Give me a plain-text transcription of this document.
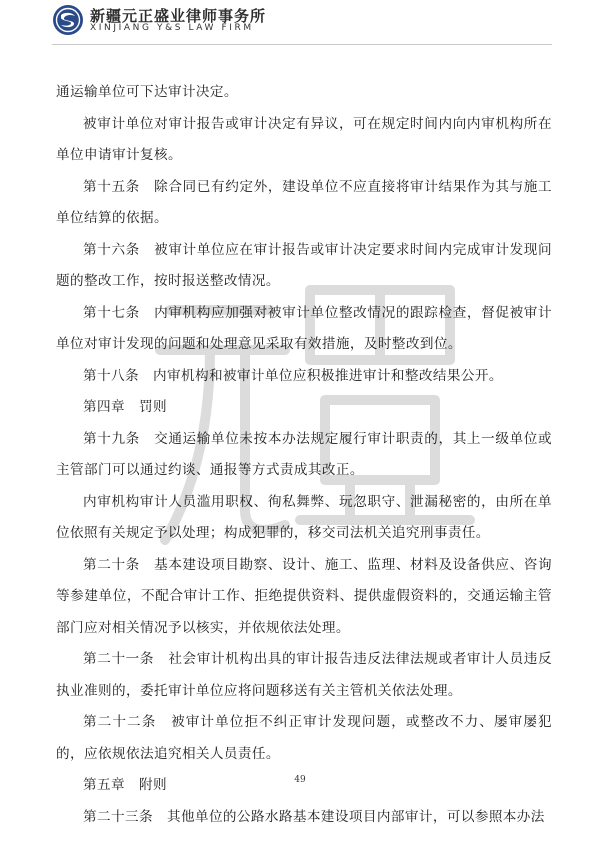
新疆元正盛业律师事务所
XINJIANG Y&S LAW FIRM

通运输单位可下达审计决定。

被审计单位对审计报告或审计决定有异议，可在规定时间内向内审机构所在单位申请审计复核。

第十五条　除合同已有约定外，建设单位不应直接将审计结果作为其与施工单位结算的依据。

第十六条　被审计单位应在审计报告或审计决定要求时间内完成审计发现问题的整改工作，按时报送整改情况。

第十七条　内审机构应加强对被审计单位整改情况的跟踪检查，督促被审计单位对审计发现的问题和处理意见采取有效措施，及时整改到位。

第十八条　内审机构和被审计单位应积极推进审计和整改结果公开。

第四章　罚则

第十九条　交通运输单位未按本办法规定履行审计职责的，其上一级单位或主管部门可以通过约谈、通报等方式责成其改正。

内审机构审计人员滥用职权、徇私舞弊、玩忽职守、泄漏秘密的，由所在单位依照有关规定予以处理；构成犯罪的，移交司法机关追究刑事责任。

第二十条　基本建设项目勘察、设计、施工、监理、材料及设备供应、咨询等参建单位，不配合审计工作、拒绝提供资料、提供虚假资料的，交通运输主管部门应对相关情况予以核实，并依规依法处理。

第二十一条　社会审计机构出具的审计报告违反法律法规或者审计人员违反执业准则的，委托审计单位应将问题移送有关主管机关依法处理。

第二十二条　被审计单位拒不纠正审计发现问题，或整改不力、屡审屡犯的，应依规依法追究相关人员责任。

第五章　附则

第二十三条　其他单位的公路水路基本建设项目内部审计，可以参照本办法

49
